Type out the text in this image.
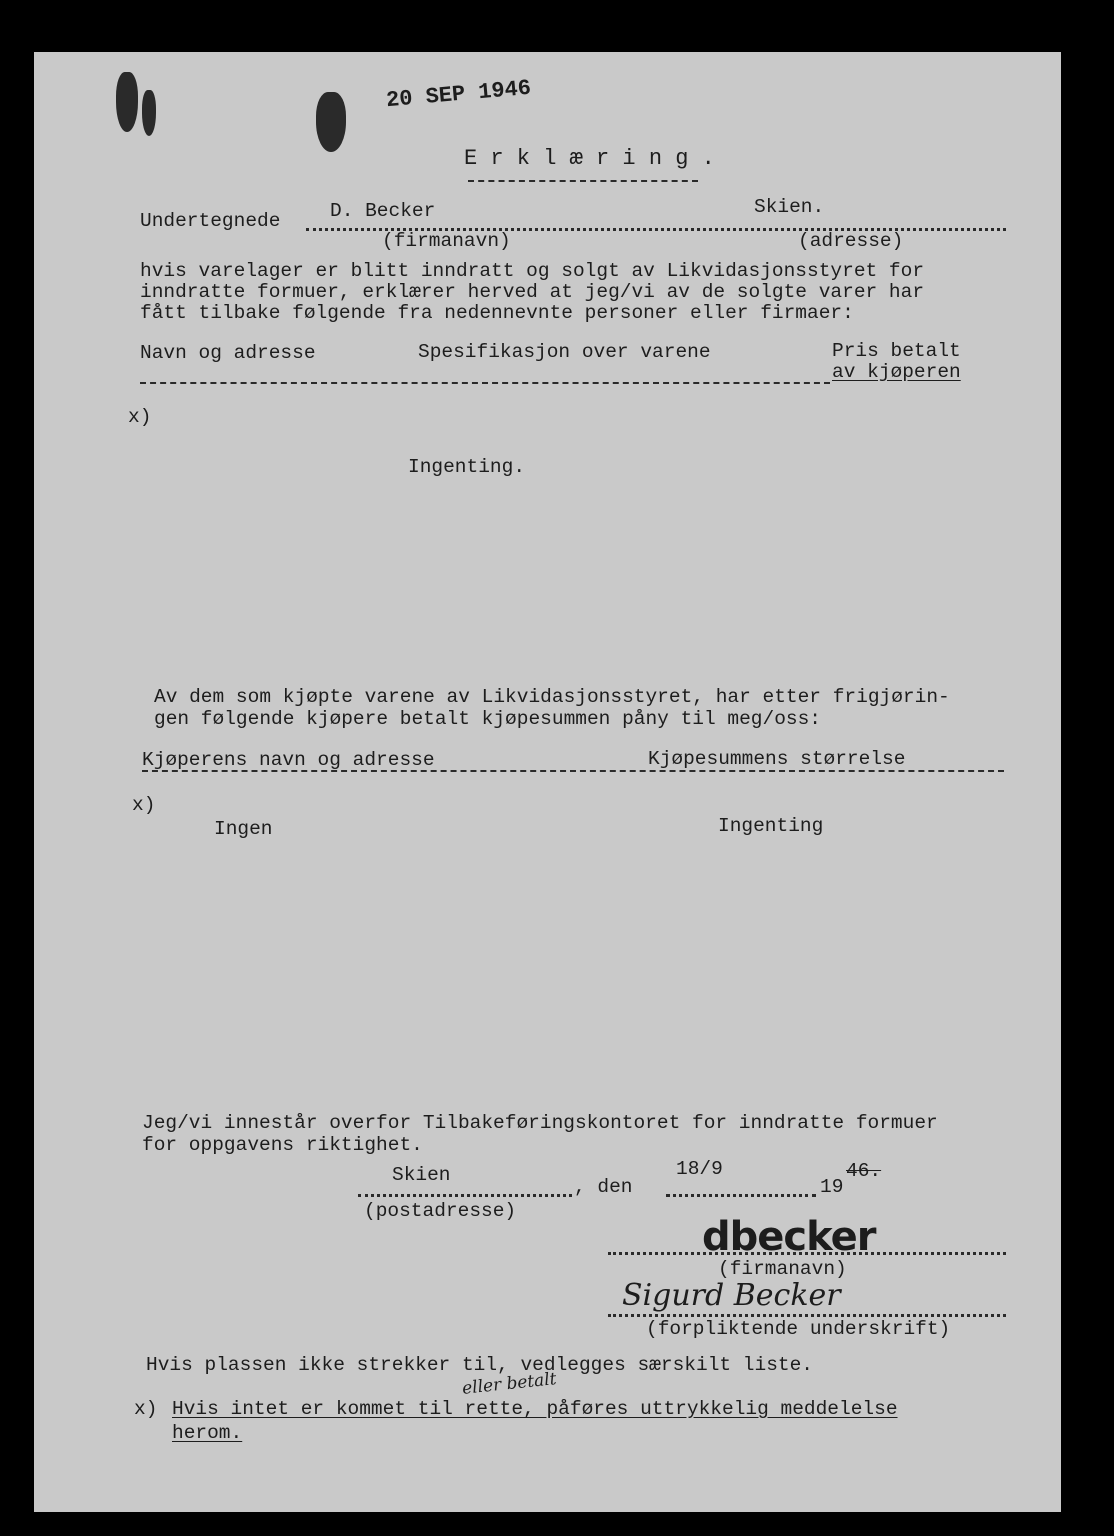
20 SEP 1946
E r k l æ r i n g .
Undertegnede	D. Becker	Skien.
(firmanavn)	(adresse)
hvis varelager er blitt inndratt og solgt av Likvidasjonsstyret for
inndratte formuer, erklærer herved at jeg/vi av de solgte varer har
fått tilbake følgende fra nedennevnte personer eller firmaer:
Navn og adresse	Spesifikasjon over varene	Pris betalt
av kjøperen
x)
Ingenting.
Av dem som kjøpte varene av Likvidasjonsstyret, har etter frigjørin-
gen følgende kjøpere betalt kjøpesummen påny til meg/oss:
Kjøperens navn og adresse	Kjøpesummens størrelse
x)
Ingen	Ingenting
Jeg/vi innestår overfor Tilbakeføringskontoret for inndratte formuer
for oppgavens riktighet.
Skien
, den
18/9
19
46.
(postadresse)
dbecker
(firmanavn)
Sigurd Becker
(forpliktende underskrift)
Hvis plassen ikke strekker til, vedlegges særskilt liste.
eller betalt
x) Hvis intet er kommet til rette, påføres uttrykkelig meddelelse
herom.
